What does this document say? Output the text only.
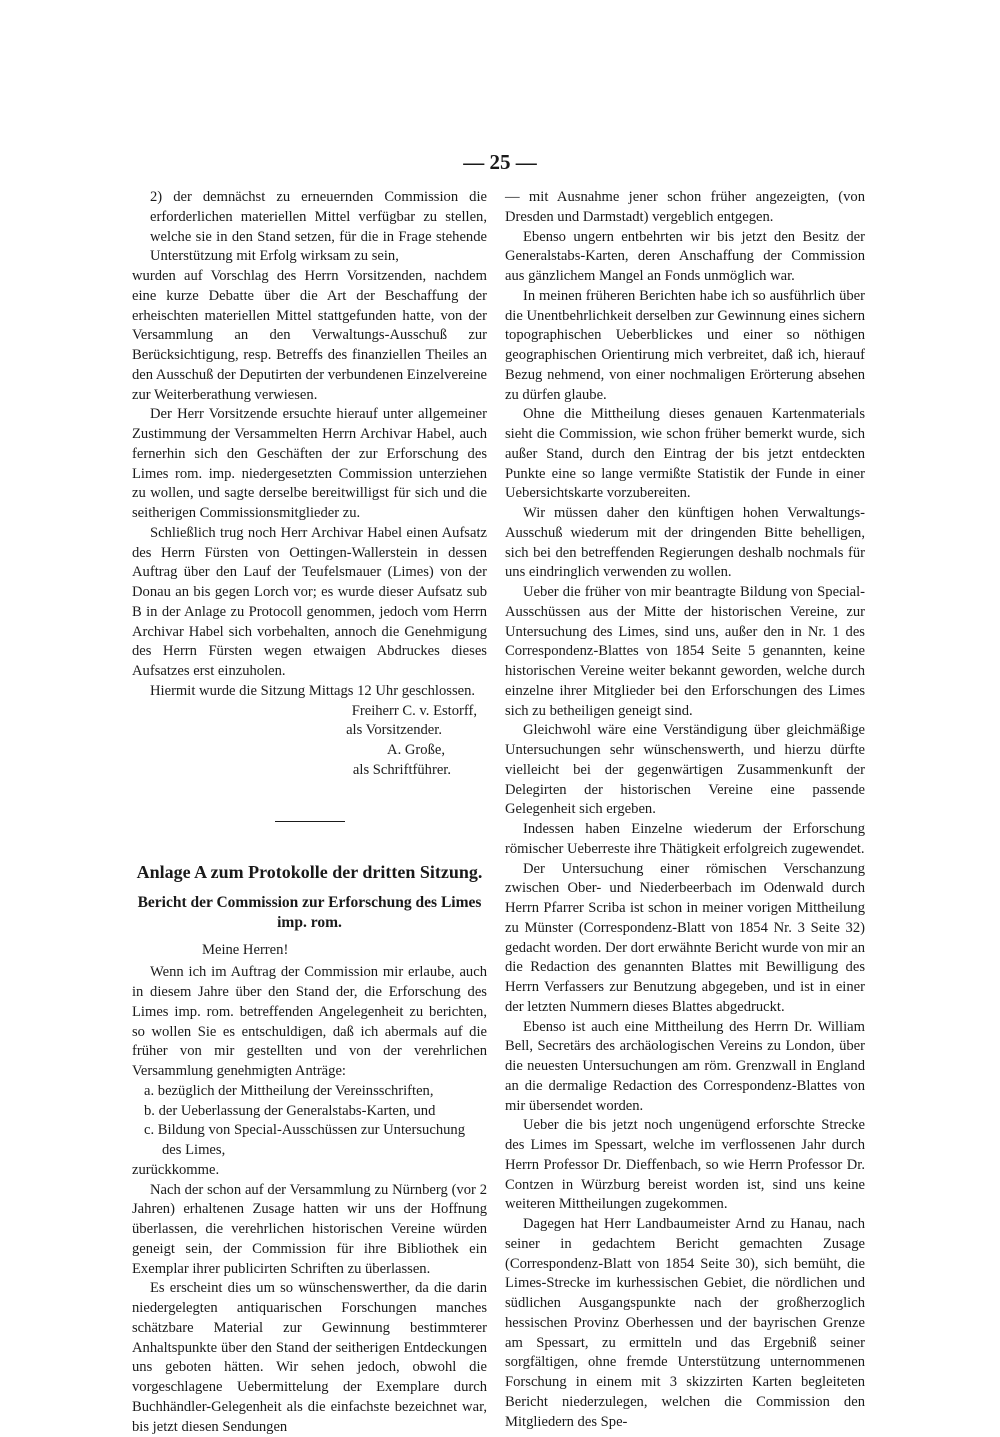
— 25 —

2) der demnächst zu erneuernden Commission die erforderlichen materiellen Mittel verfügbar zu stellen, welche sie in den Stand setzen, für die in Frage stehende Unterstützung mit Erfolg wirksam zu sein,

wurden auf Vorschlag des Herrn Vorsitzenden, nachdem eine kurze Debatte über die Art der Beschaffung der erheischten materiellen Mittel stattgefunden hatte, von der Versammlung an den Verwaltungs-Ausschuß zur Berücksichtigung, resp. Betreffs des finanziellen Theiles an den Ausschuß der Deputirten der verbundenen Einzelvereine zur Weiterberathung verwiesen.

Der Herr Vorsitzende ersuchte hierauf unter allgemeiner Zustimmung der Versammelten Herrn Archivar Habel, auch fernerhin sich den Geschäften der zur Erforschung des Limes rom. imp. niedergesetzten Commission unterziehen zu wollen, und sagte derselbe bereitwilligst für sich und die seitherigen Commissionsmitglieder zu.

Schließlich trug noch Herr Archivar Habel einen Aufsatz des Herrn Fürsten von Oettingen-Wallerstein in dessen Auftrag über den Lauf der Teufelsmauer (Limes) von der Donau an bis gegen Lorch vor; es wurde dieser Aufsatz sub B in der Anlage zu Protocoll genommen, jedoch vom Herrn Archivar Habel sich vorbehalten, annoch die Genehmigung des Herrn Fürsten wegen etwaigen Abdruckes dieses Aufsatzes erst einzuholen.

Hiermit wurde die Sitzung Mittags 12 Uhr geschlossen.

Freiherr C. v. Estorff,

als Vorsitzender.

A. Große,

als Schriftführer.

Anlage A zum Protokolle der dritten Sitzung.

Bericht der Commission zur Erforschung des Limes imp. rom.

Meine Herren!

Wenn ich im Auftrag der Commission mir erlaube, auch in diesem Jahre über den Stand der, die Erforschung des Limes imp. rom. betreffenden Angelegenheit zu berichten, so wollen Sie es entschuldigen, daß ich abermals auf die früher von mir gestellten und von der verehrlichen Versammlung genehmigten Anträge:

a. bezüglich der Mittheilung der Vereinsschriften,

b. der Ueberlassung der Generalstabs-Karten, und

c. Bildung von Special-Ausschüssen zur Untersuchung

des Limes,

zurückkomme.

Nach der schon auf der Versammlung zu Nürnberg (vor 2 Jahren) erhaltenen Zusage hatten wir uns der Hoffnung überlassen, die verehrlichen historischen Vereine würden geneigt sein, der Commission für ihre Bibliothek ein Exemplar ihrer publicirten Schriften zu überlassen.

Es erscheint dies um so wünschenswerther, da die darin niedergelegten antiquarischen Forschungen manches schätzbare Material zur Gewinnung bestimmterer Anhaltspunkte über den Stand der seitherigen Entdeckungen uns geboten hätten. Wir sehen jedoch, obwohl die vorgeschlagene Uebermittelung der Exemplare durch Buchhändler-Gelegenheit als die einfachste bezeichnet war, bis jetzt diesen Sendungen

— mit Ausnahme jener schon früher angezeigten, (von Dresden und Darmstadt) vergeblich entgegen.

Ebenso ungern entbehrten wir bis jetzt den Besitz der Generalstabs-Karten, deren Anschaffung der Commission aus gänzlichem Mangel an Fonds unmöglich war.

In meinen früheren Berichten habe ich so ausführlich über die Unentbehrlichkeit derselben zur Gewinnung eines sichern topographischen Ueberblickes und einer so nöthigen geographischen Orientirung mich verbreitet, daß ich, hierauf Bezug nehmend, von einer nochmaligen Erörterung absehen zu dürfen glaube.

Ohne die Mittheilung dieses genauen Kartenmaterials sieht die Commission, wie schon früher bemerkt wurde, sich außer Stand, durch den Eintrag der bis jetzt entdeckten Punkte eine so lange vermißte Statistik der Funde in einer Uebersichtskarte vorzubereiten.

Wir müssen daher den künftigen hohen Verwaltungs-Ausschuß wiederum mit der dringenden Bitte behelligen, sich bei den betreffenden Regierungen deshalb nochmals für uns eindringlich verwenden zu wollen.

Ueber die früher von mir beantragte Bildung von Special-Ausschüssen aus der Mitte der historischen Vereine, zur Untersuchung des Limes, sind uns, außer den in Nr. 1 des Correspondenz-Blattes von 1854 Seite 5 genannten, keine historischen Vereine weiter bekannt geworden, welche durch einzelne ihrer Mitglieder bei den Erforschungen des Limes sich zu betheiligen geneigt sind.

Gleichwohl wäre eine Verständigung über gleichmäßige Untersuchungen sehr wünschenswerth, und hierzu dürfte vielleicht bei der gegenwärtigen Zusammenkunft der Delegirten der historischen Vereine eine passende Gelegenheit sich ergeben.

Indessen haben Einzelne wiederum der Erforschung römischer Ueberreste ihre Thätigkeit erfolgreich zugewendet.

Der Untersuchung einer römischen Verschanzung zwischen Ober- und Niederbeerbach im Odenwald durch Herrn Pfarrer Scriba ist schon in meiner vorigen Mittheilung zu Münster (Correspondenz-Blatt von 1854 Nr. 3 Seite 32) gedacht worden. Der dort erwähnte Bericht wurde von mir an die Redaction des genannten Blattes mit Bewilligung des Herrn Verfassers zur Benutzung abgegeben, und ist in einer der letzten Nummern dieses Blattes abgedruckt.

Ebenso ist auch eine Mittheilung des Herrn Dr. William Bell, Secretärs des archäologischen Vereins zu London, über die neuesten Untersuchungen am röm. Grenzwall in England an die dermalige Redaction des Correspondenz-Blattes von mir übersendet worden.

Ueber die bis jetzt noch ungenügend erforschte Strecke des Limes im Spessart, welche im verflossenen Jahr durch Herrn Professor Dr. Dieffenbach, so wie Herrn Professor Dr. Contzen in Würzburg bereist worden ist, sind uns keine weiteren Mittheilungen zugekommen.

Dagegen hat Herr Landbaumeister Arnd zu Hanau, nach seiner in gedachtem Bericht gemachten Zusage (Correspondenz-Blatt von 1854 Seite 30), sich bemüht, die Limes-Strecke im kurhessischen Gebiet, die nördlichen und südlichen Ausgangspunkte nach der großherzoglich hessischen Provinz Oberhessen und der bayrischen Grenze am Spessart, zu ermitteln und das Ergebniß seiner sorgfältigen, ohne fremde Unterstützung unternommenen Forschung in einem mit 3 skizzirten Karten begleiteten Bericht niederzulegen, welchen die Commission den Mitgliedern des Spe-
